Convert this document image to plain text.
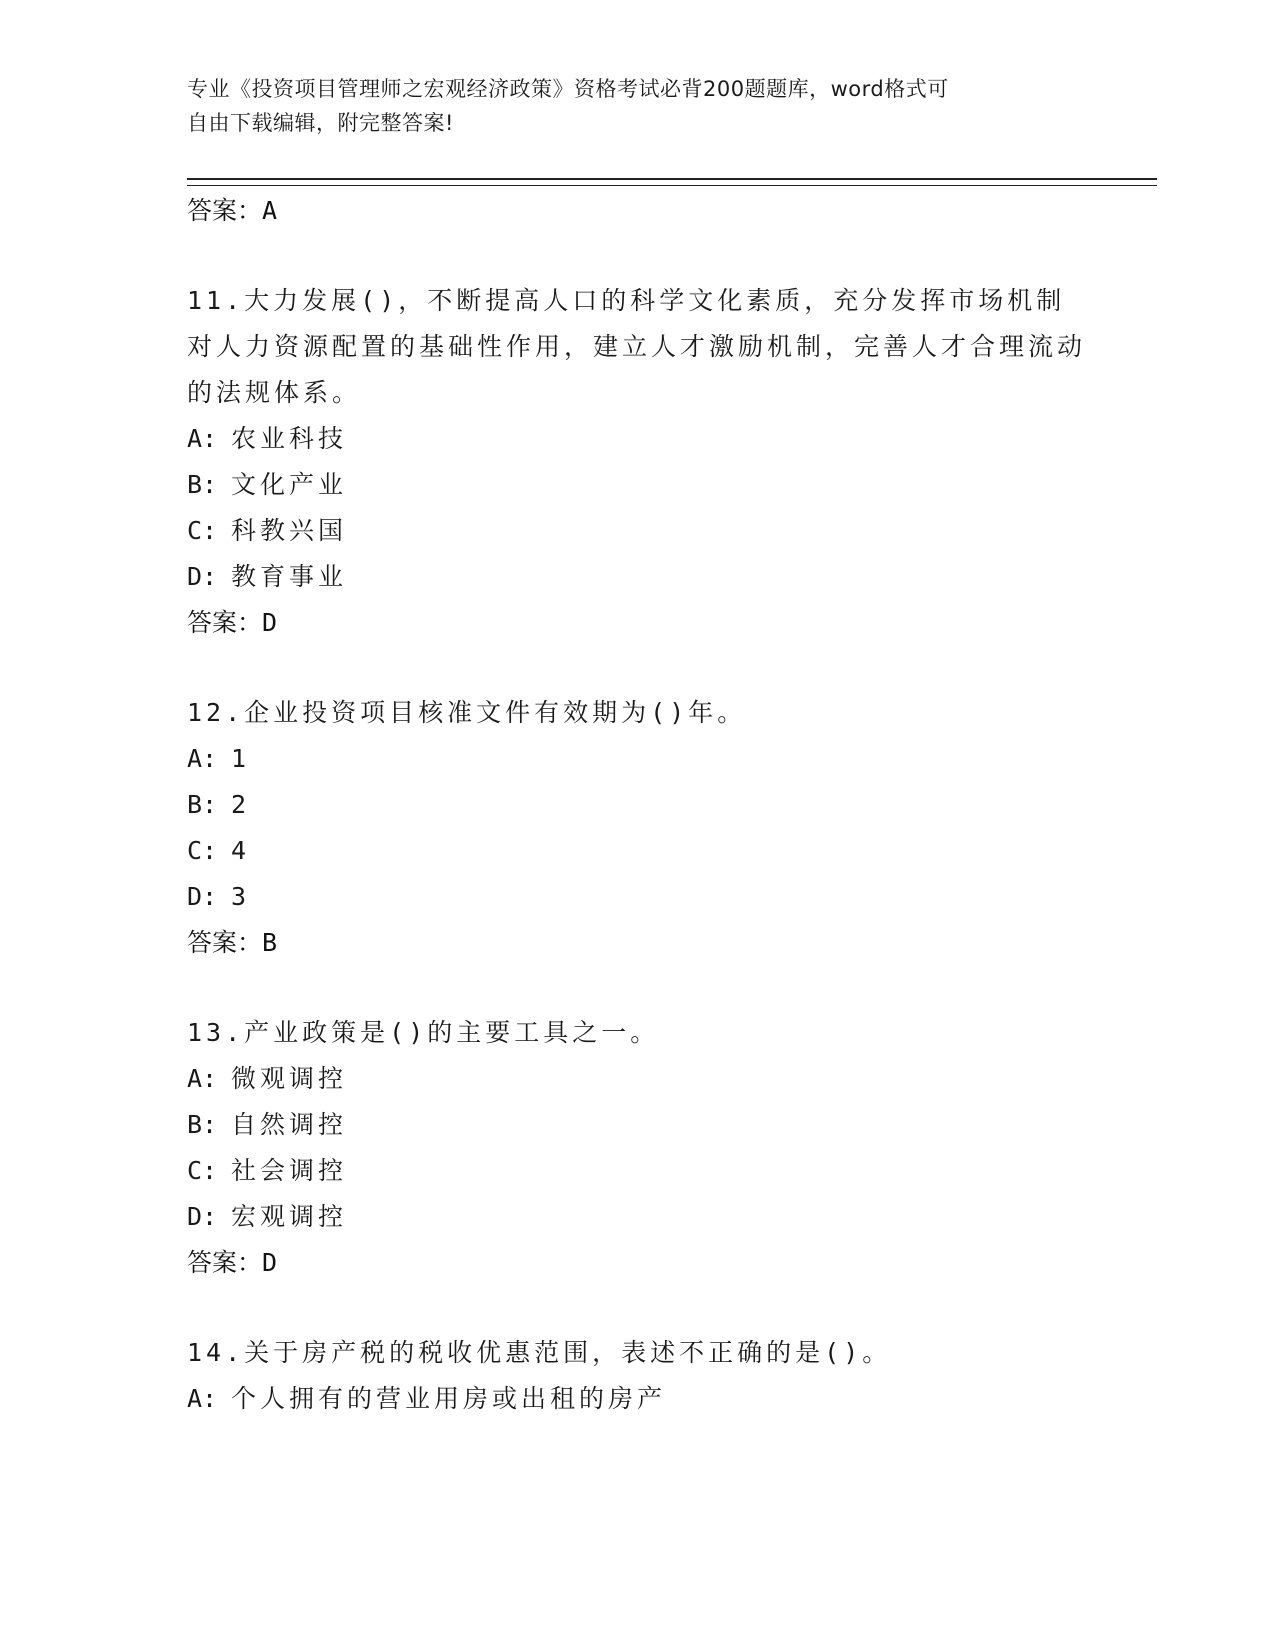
专业《投资项目管理师之宏观经济政策》资格考试必背200题题库，word格式可
自由下载编辑，附完整答案!
答案：A
11.大力发展()，不断提高人口的科学文化素质，充分发挥市场机制对人力资源配置的基础性作用，建立人才激励机制，完善人才合理流动的法规体系。
A: 农业科技
B: 文化产业
C: 科教兴国
D: 教育事业
答案：D
12.企业投资项目核准文件有效期为()年。
A: 1
B: 2
C: 4
D: 3
答案：B
13.产业政策是()的主要工具之一。
A: 微观调控
B: 自然调控
C: 社会调控
D: 宏观调控
答案：D
14.关于房产税的税收优惠范围，表述不正确的是()。
A: 个人拥有的营业用房或出租的房产
